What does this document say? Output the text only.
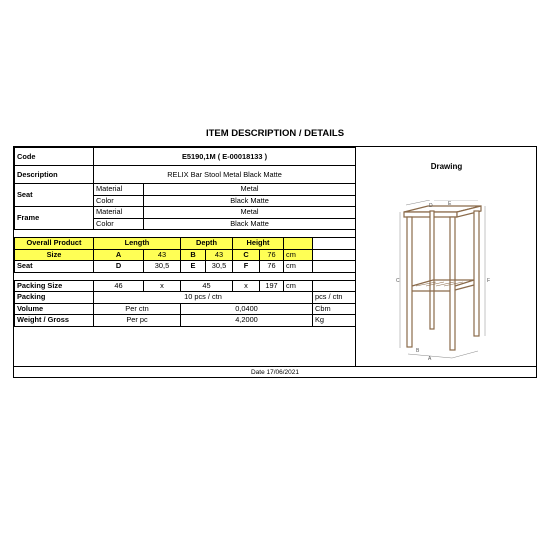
ITEM DESCRIPTION / DETAILS
Code	E5190,1M ( E-00018133 )							
Description	RELIX Bar Stool Metal Black Matte							
Seat	Material	Metal						
	Color	Black Matte						
Frame	Material	Metal						
	Color	Black Matte						

Overall Product	Length		Depth		Height			
Size	A	43	B	43	C	76	cm	
Seat	D	30,5	E	30,5	F	76	cm	

Packing Size	46	x	45		x	197	cm	
Packing	10 pcs / ctn							pcs / ctn
Volume	Per ctn		0,0400					Cbm
Weight / Gross	Per pc		4,2000					Kg
Drawing
C	F
A
B
D	E
Date 17/06/2021
